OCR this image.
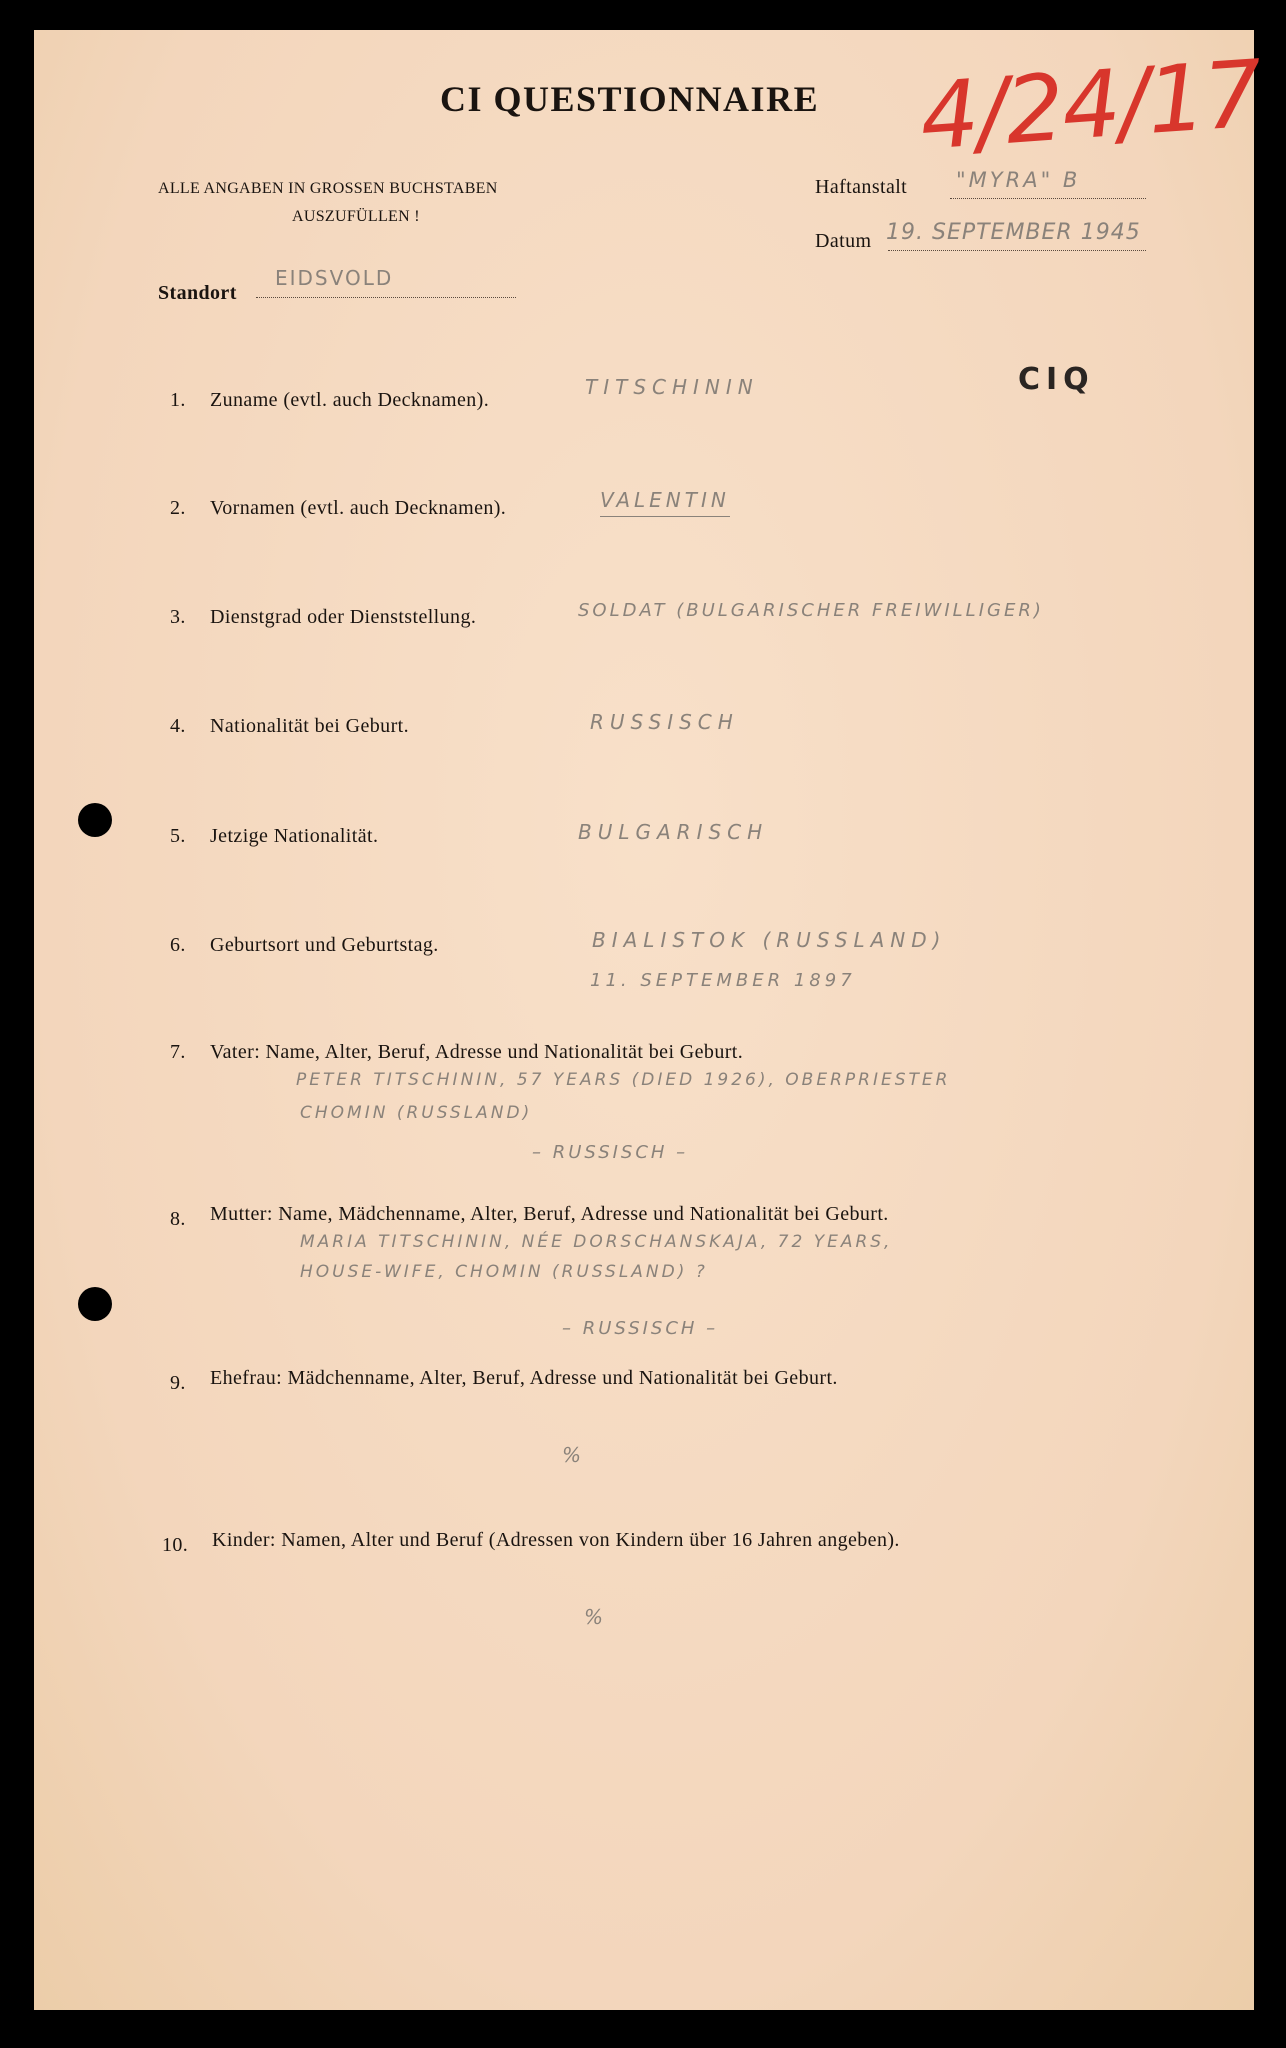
CI QUESTIONNAIRE
ALLE ANGABEN IN GROSSEN BUCHSTABEN
AUSZUFÜLLEN !
4/24/17
Haftanstalt "MYRA" B
Datum 19. SEPTEMBER 1945
Standort
EIDSVOLD
CIQ
1. Zuname (evtl. auch Decknamen).
TITSCHININ
2. Vornamen (evtl. auch Decknamen).	VALENTIN
3. Dienstgrad oder Dienststellung.	SOLDAT (BULGARISCHER FREIWILLIGER)
4. Nationalität bei Geburt.	RUSSISCH
5. Jetzige Nationalität.	BULGARISCH
6. Geburtsort und Geburtstag.	BIALISTOK (RUSSLAND)
11. SEPTEMBER 1897
7. Vater: Name, Alter, Beruf, Adresse und Nationalität bei Geburt.
PETER TITSCHININ, 57 YEARS (DIED 1926), OBERPRIESTER
CHOMIN (RUSSLAND)
– RUSSISCH –
8. Mutter: Name, Mädchenname, Alter, Beruf, Adresse und Nationalität bei Geburt.
MARIA TITSCHININ, NÉE DORSCHANSKAJA, 72 YEARS,
HOUSE-WIFE, CHOMIN (RUSSLAND) ?
– RUSSISCH –
9. Ehefrau: Mädchenname, Alter, Beruf, Adresse und Nationalität bei Geburt.
%
10. Kinder: Namen, Alter und Beruf (Adressen von Kindern über 16 Jahren angeben).
%
